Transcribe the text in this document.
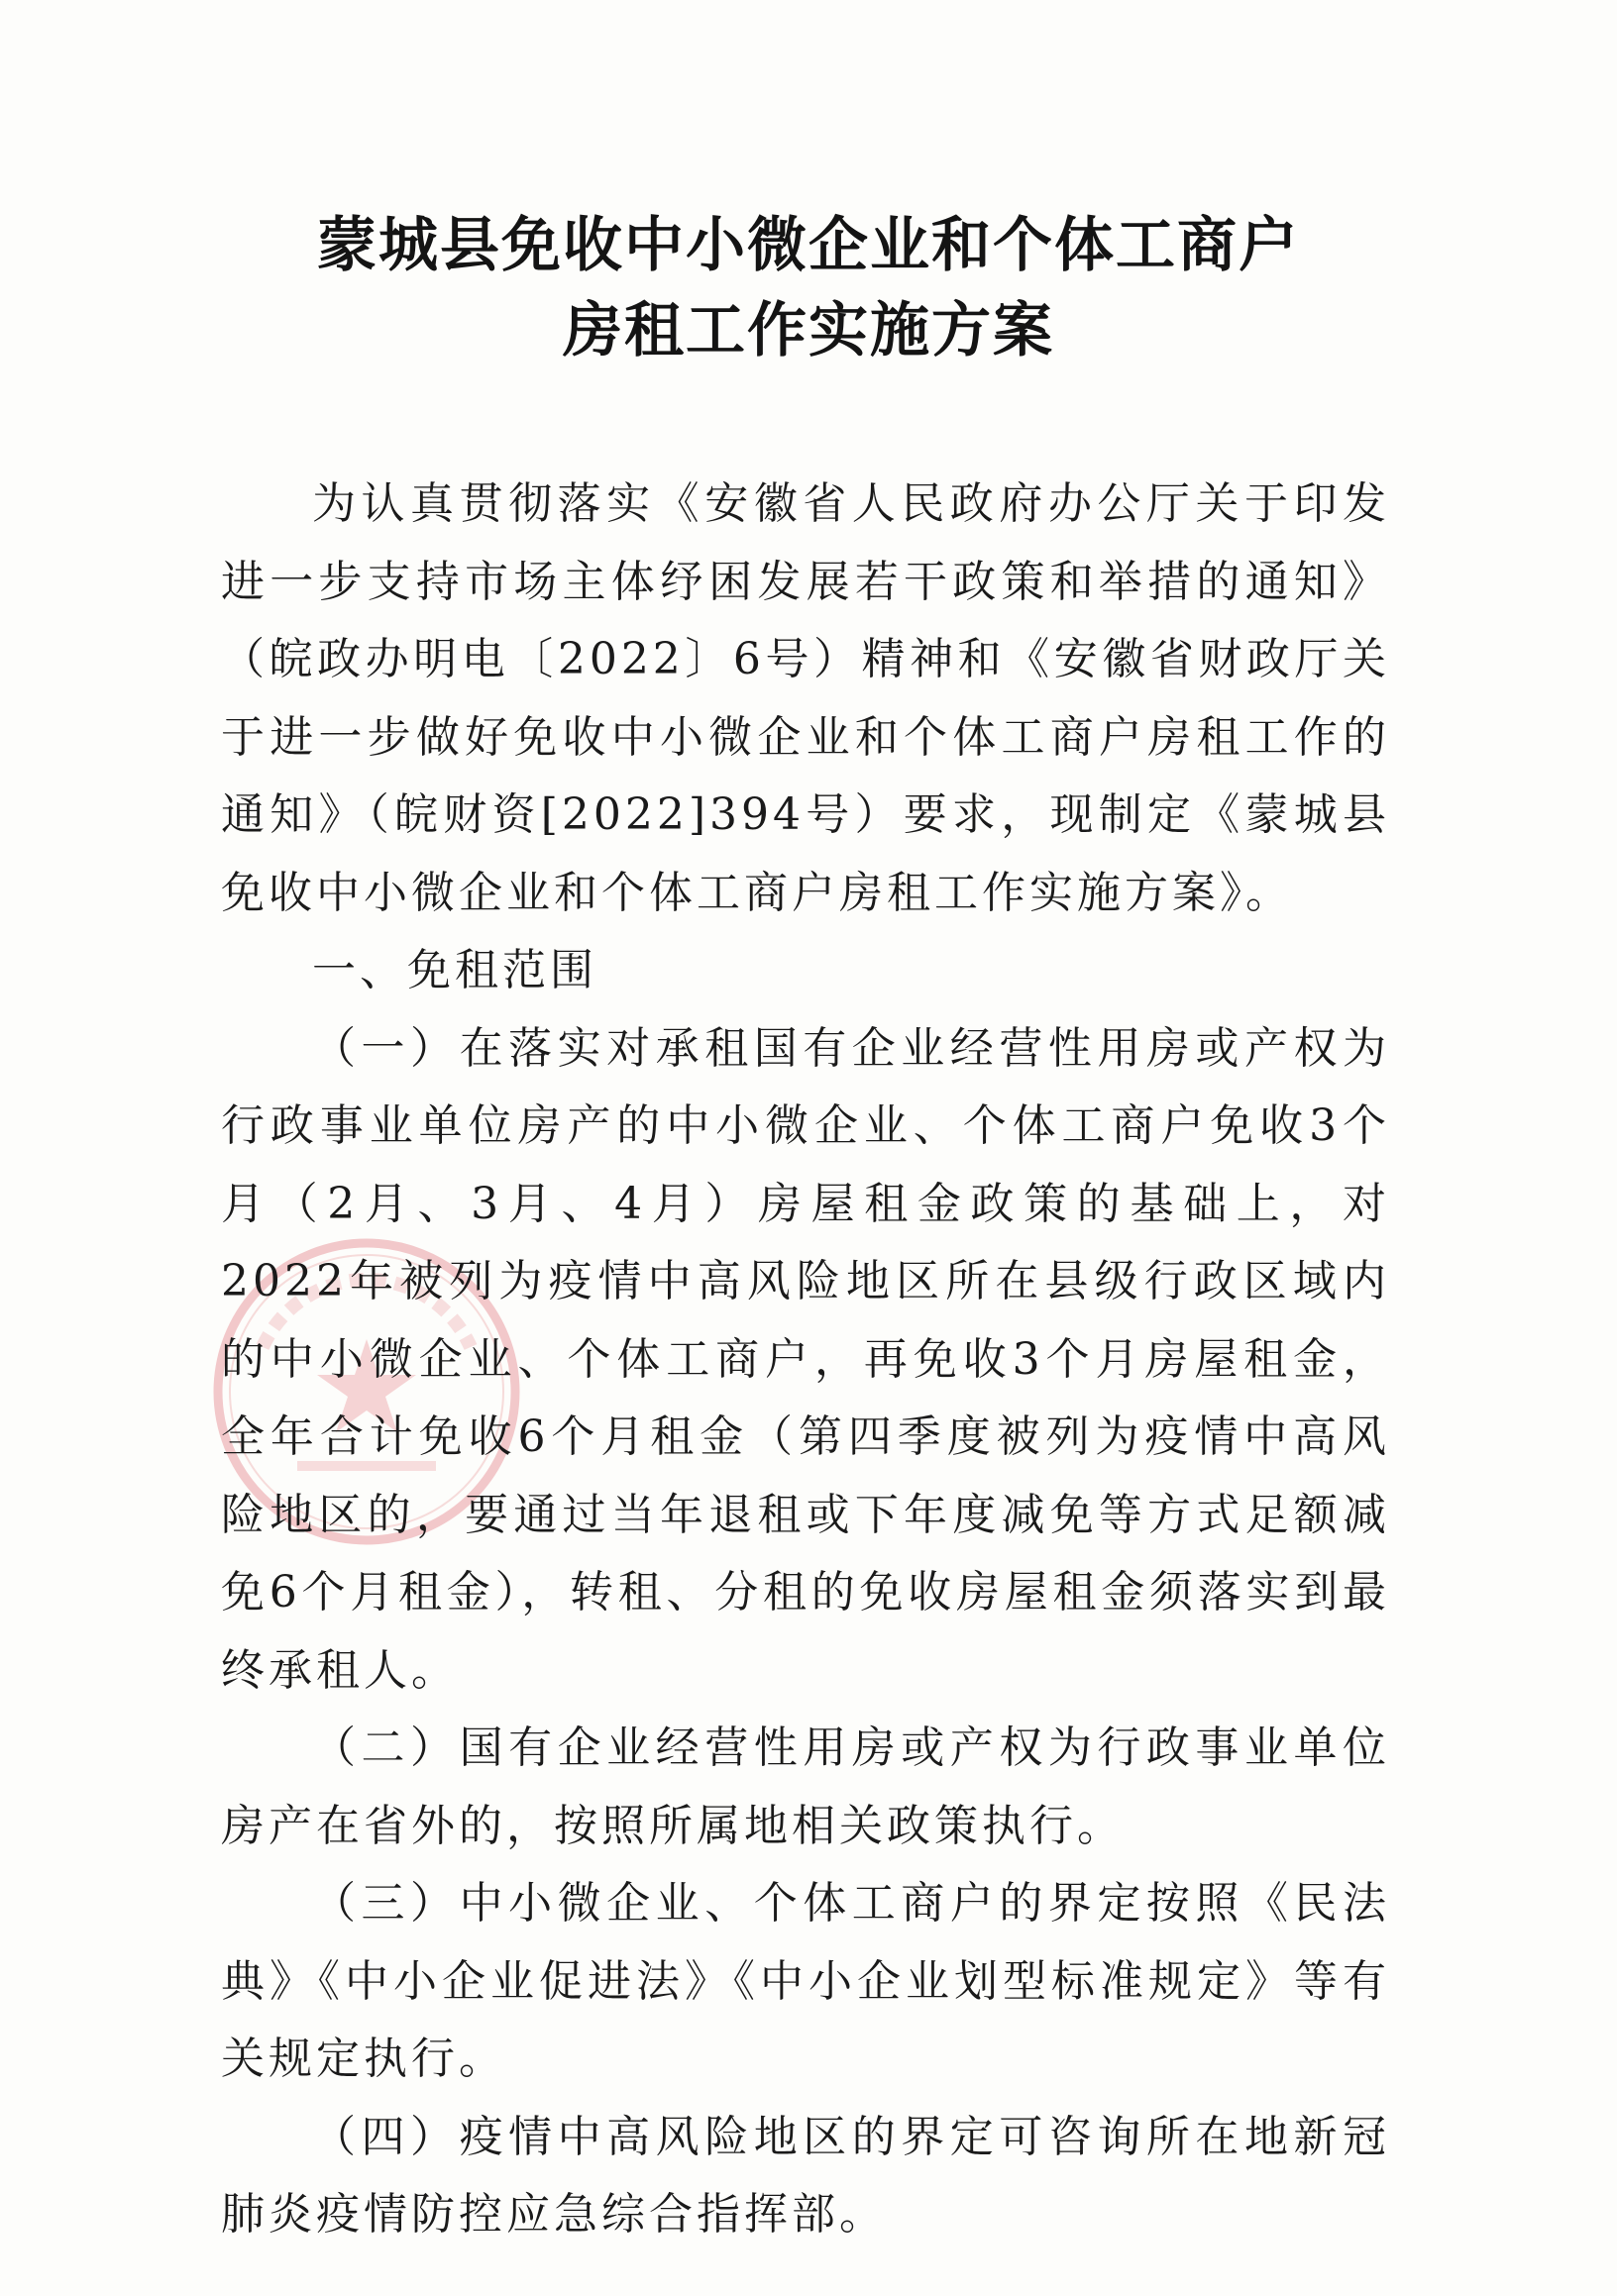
蒙城县免收中小微企业和个体工商户
房租工作实施方案

为认真贯彻落实《安徽省人民政府办公厅关于印发进一步支持市场主体纾困发展若干政策和举措的通知》（皖政办明电〔2022〕6号）精神和《安徽省财政厅关于进一步做好免收中小微企业和个体工商户房租工作的通知》（皖财资[2022]394号）要求，现制定《蒙城县免收中小微企业和个体工商户房租工作实施方案》。

一、免租范围

（一）在落实对承租国有企业经营性用房或产权为行政事业单位房产的中小微企业、个体工商户免收3个月（2月、3月、4月）房屋租金政策的基础上，对2022年被列为疫情中高风险地区所在县级行政区域内的中小微企业、个体工商户，再免收3个月房屋租金，全年合计免收6个月租金（第四季度被列为疫情中高风险地区的，要通过当年退租或下年度减免等方式足额减免6个月租金），转租、分租的免收房屋租金须落实到最终承租人。

（二）国有企业经营性用房或产权为行政事业单位房产在省外的，按照所属地相关政策执行。

（三）中小微企业、个体工商户的界定按照《民法典》《中小企业促进法》《中小企业划型标准规定》等有关规定执行。

（四）疫情中高风险地区的界定可咨询所在地新冠肺炎疫情防控应急综合指挥部。
